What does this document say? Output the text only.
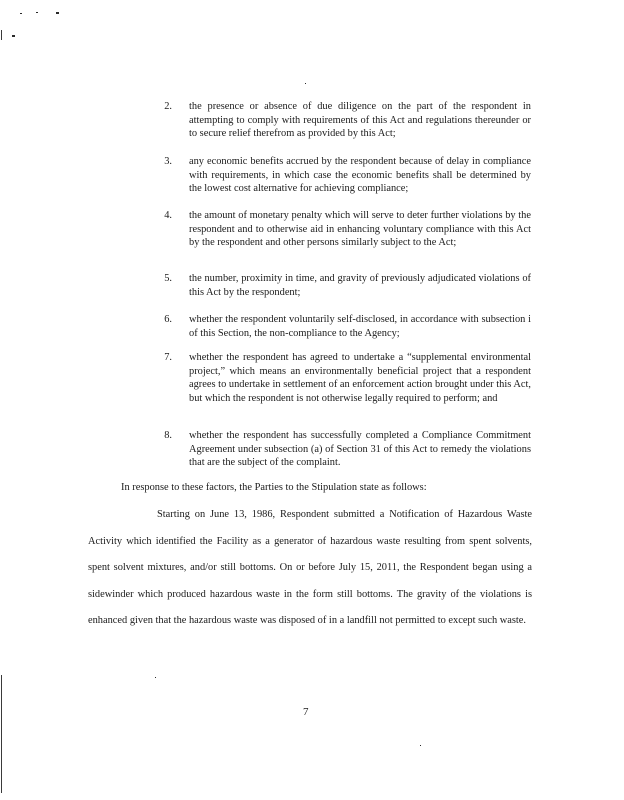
2. the presence or absence of due diligence on the part of the respondent in attempting to comply with requirements of this Act and regulations thereunder or to secure relief therefrom as provided by this Act;
3. any economic benefits accrued by the respondent because of delay in compliance with requirements, in which case the economic benefits shall be determined by the lowest cost alternative for achieving compliance;
4. the amount of monetary penalty which will serve to deter further violations by the respondent and to otherwise aid in enhancing voluntary compliance with this Act by the respondent and other persons similarly subject to the Act;
5. the number, proximity in time, and gravity of previously adjudicated violations of this Act by the respondent;
6. whether the respondent voluntarily self-disclosed, in accordance with subsection i of this Section, the non-compliance to the Agency;
7. whether the respondent has agreed to undertake a “supplemental environmental project,” which means an environmentally beneficial project that a respondent agrees to undertake in settlement of an enforcement action brought under this Act, but which the respondent is not otherwise legally required to perform; and
8. whether the respondent has successfully completed a Compliance Commitment Agreement under subsection (a) of Section 31 of this Act to remedy the violations that are the subject of the complaint.
In response to these factors, the Parties to the Stipulation state as follows:
Starting on June 13, 1986, Respondent submitted a Notification of Hazardous Waste Activity which identified the Facility as a generator of hazardous waste resulting from spent solvents, spent solvent mixtures, and/or still bottoms. On or before July 15, 2011, the Respondent began using a sidewinder which produced hazardous waste in the form still bottoms. The gravity of the violations is enhanced given that the hazardous waste was disposed of in a landfill not permitted to except such waste.
7
